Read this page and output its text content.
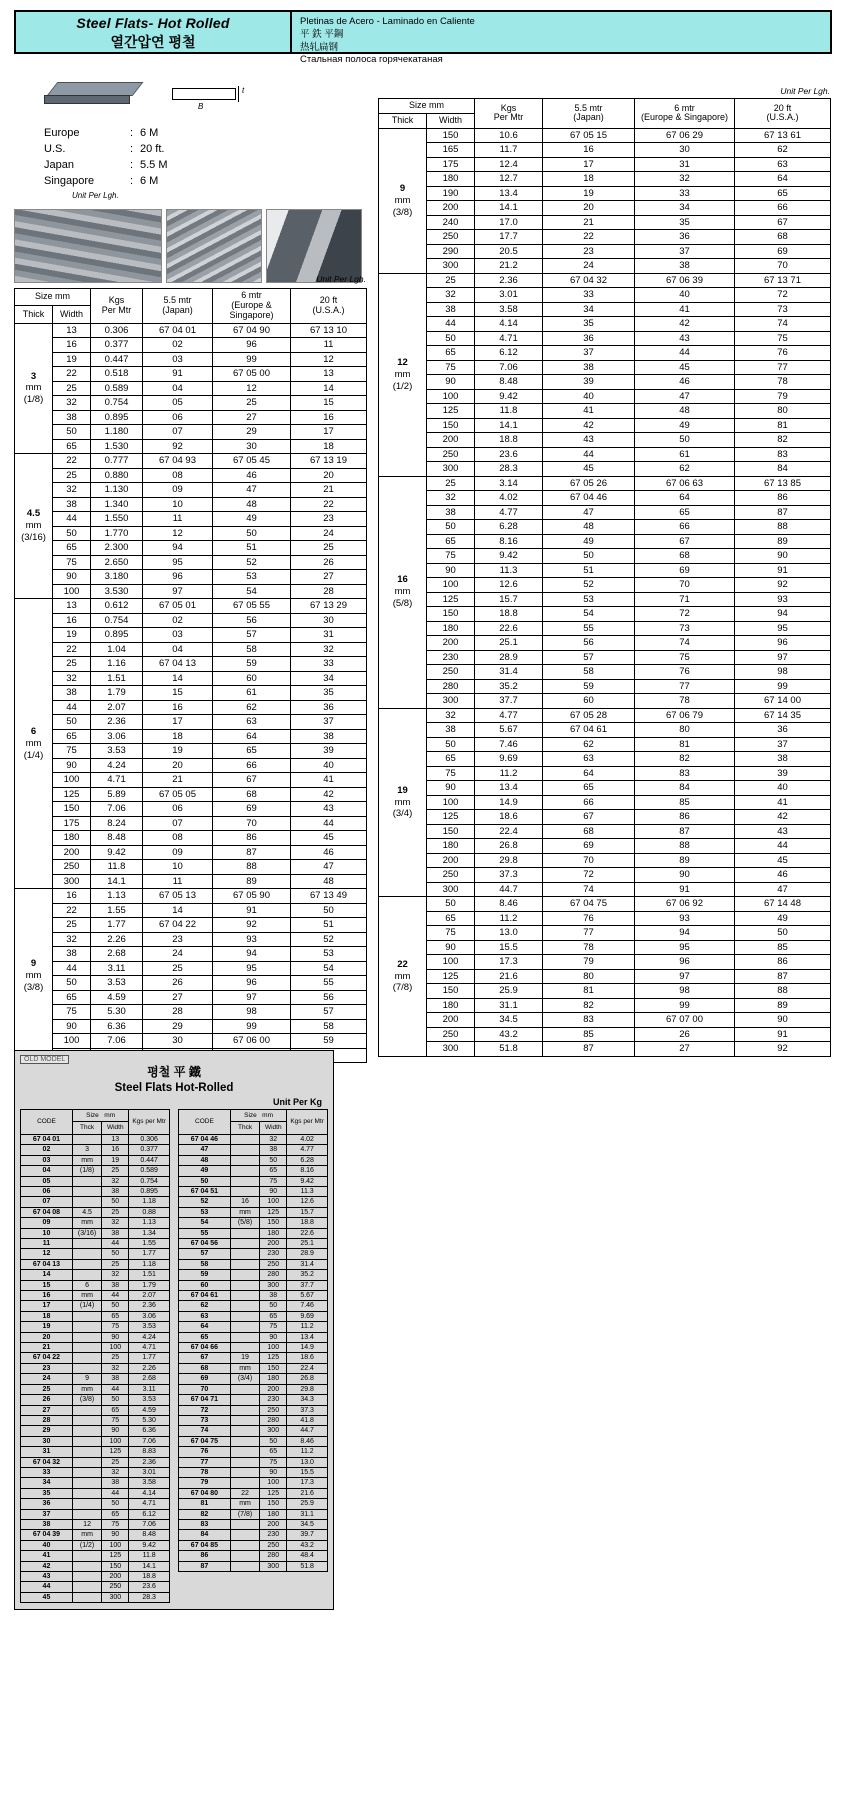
Steel Flats- Hot Rolled
열간압연 평철
Pletinas de Acero - Laminado en Caliente
平 鉄 平鋼
热轧扁钢
Стальная полоса горячекатаная
B
t
Europe	: 6 M
U.S.	: 20 ft.
Japan	: 5.5 M
Singapore	: 6 M
Unit Per Lgh.
Unit Per Lgh.
Unit Per Lgh.
Size mm		Kgs
Per Mtr	5.5 mtr
(Japan)	6 mtr
(Europe & Singapore)	20 ft
(U.S.A.)
Thick	Width				
3
mm
(1/8)	13	0.306	67 04 01	67 04 90	67 13 10
	16	0.377	02	96	11
	19	0.447	03	99	12
	22	0.518	91	67 05 00	13
	25	0.589	04	12	14
	32	0.754	05	25	15
	38	0.895	06	27	16
	50	1.180	07	29	17
	65	1.530	92	30	18
4.5
mm
(3/16)	22	0.777	67 04 93	67 05 45	67 13 19
	25	0.880	08	46	20
	32	1.130	09	47	21
	38	1.340	10	48	22
	44	1.550	11	49	23
	50	1.770	12	50	24
	65	2.300	94	51	25
	75	2.650	95	52	26
	90	3.180	96	53	27
	100	3.530	97	54	28
6
mm
(1/4)	13	0.612	67 05 01	67 05 55	67 13 29
	16	0.754	02	56	30
	19	0.895	03	57	31
	22	1.04	04	58	32
	25	1.16	67 04 13	59	33
	32	1.51	14	60	34
	38	1.79	15	61	35
	44	2.07	16	62	36
	50	2.36	17	63	37
	65	3.06	18	64	38
	75	3.53	19	65	39
	90	4.24	20	66	40
	100	4.71	21	67	41
	125	5.89	67 05 05	68	42
	150	7.06	06	69	43
	175	8.24	07	70	44
	180	8.48	08	86	45
	200	9.42	09	87	46
	250	11.8	10	88	47
	300	14.1	11	89	48
9
mm
(3/8)	16	1.13	67 05 13	67 05 90	67 13 49
	22	1.55	14	91	50
	25	1.77	67 04 22	92	51
	32	2.26	23	93	52
	38	2.68	24	94	53
	44	3.11	25	95	54
	50	3.53	26	96	55
	65	4.59	27	97	56
	75	5.30	28	98	57
	90	6.36	29	99	58
	100	7.06	30	67 06 00	59

Size mm		Kgs
Per Mtr	5.5 mtr
(Japan)	6 mtr
(Europe & Singapore)	20 ft
(U.S.A.)
Thick	Width				
9
mm
(3/8)	150	10.6	67 05 15	67 06 29	67 13 61
	165	11.7	16	30	62
	175	12.4	17	31	63
	180	12.7	18	32	64
	190	13.4	19	33	65
	200	14.1	20	34	66
	240	17.0	21	35	67
	250	17.7	22	36	68
	290	20.5	23	37	69
	300	21.2	24	38	70
12
mm
(1/2)	25	2.36	67 04 32	67 06 39	67 13 71
	32	3.01	33	40	72
	38	3.58	34	41	73
	44	4.14	35	42	74
	50	4.71	36	43	75
	65	6.12	37	44	76
	75	7.06	38	45	77
	90	8.48	39	46	78
	100	9.42	40	47	79
	125	11.8	41	48	80
	150	14.1	42	49	81
	200	18.8	43	50	82
	250	23.6	44	61	83
	300	28.3	45	62	84
16
mm
(5/8)	25	3.14	67 05 26	67 06 63	67 13 85
	32	4.02	67 04 46	64	86
	38	4.77	47	65	87
	50	6.28	48	66	88
	65	8.16	49	67	89
	75	9.42	50	68	90
	90	11.3	51	69	91
	100	12.6	52	70	92
	125	15.7	53	71	93
	150	18.8	54	72	94
	180	22.6	55	73	95
	200	25.1	56	74	96
	230	28.9	57	75	97
	250	31.4	58	76	98
	280	35.2	59	77	99
	300	37.7	60	78	67 14 00
19
mm
(3/4)	32	4.77	67 05 28	67 06 79	67 14 35
	38	5.67	67 04 61	80	36
	50	7.46	62	81	37
	65	9.69	63	82	38
	75	11.2	64	83	39
	90	13.4	65	84	40
	100	14.9	66	85	41
	125	18.6	67	86	42
	150	22.4	68	87	43
	180	26.8	69	88	44
	200	29.8	70	89	45
	250	37.3	72	90	46
	300	44.7	74	91	47
22
mm
(7/8)	50	8.46	67 04 75	67 06 92	67 14 48
	65	11.2	76	93	49
	75	13.0	77	94	50
	90	15.5	78	95	85
	100	17.3	79	96	86
	125	21.6	80	97	87
	150	25.9	81	98	88
	180	31.1	82	99	89
	200	34.5	83	67 07 00	90
	250	43.2	85	26	91
	300	51.8	87	27	92
OLD MODEL
평철 平 鐵
Steel Flats Hot-Rolled
Unit Per Kg
CODE	Size   mm		Kgs per Mtr		CODE	Size   mm		Kgs per Mtr
	Thck	Width				Thck	Width	
67 04 01		13	0.306		67 04 46		32	4.02
02	3	16	0.377		47		38	4.77
03	mm	19	0.447		48		50	6.28
04	(1/8)	25	0.589		49		65	8.16
05		32	0.754		50		75	9.42
06		38	0.895		67 04 51		90	11.3
07		50	1.18		52	16	100	12.6
67 04 08	4.5	25	0.88		53	mm	125	15.7
09	mm	32	1.13		54	(5/8)	150	18.8
10	(3/16)	38	1.34		55		180	22.6
11		44	1.55		67 04 56		200	25.1
12		50	1.77		57		230	28.9
67 04 13		25	1.18		58		250	31.4
14		32	1.51		59		280	35.2
15	6	38	1.79		60		300	37.7
16	mm	44	2.07		67 04 61		38	5.67
17	(1/4)	50	2.36		62		50	7.46
18		65	3.06		63		65	9.69
19		75	3.53		64		75	11.2
20		90	4.24		65		90	13.4
21		100	4.71		67 04 66		100	14.9
67 04 22		25	1.77		67	19	125	18.6
23		32	2.26		68	mm	150	22.4
24	9	38	2.68		69	(3/4)	180	26.8
25	mm	44	3.11		70		200	29.8
26	(3/8)	50	3.53		67 04 71		230	34.3
27		65	4.59		72		250	37.3
28		75	5.30		73		280	41.8
29		90	6.36		74		300	44.7
30		100	7.06		67 04 75		50	8.46
31		125	8.83		76		65	11.2
67 04 32		25	2.36		77		75	13.0
33		32	3.01		78		90	15.5
34		38	3.58		79		100	17.3
35		44	4.14		67 04 80	22	125	21.6
36		50	4.71		81	mm	150	25.9
37		65	6.12		82	(7/8)	180	31.1
38	12	75	7.06		83		200	34.5
67 04 39	mm	90	8.48		84		230	39.7
40	(1/2)	100	9.42		67 04 85		250	43.2
41		125	11.8		86		280	48.4
42		150	14.1		87		300	51.8
43		200	18.8					
44		250	23.6					
45		300	28.3					
